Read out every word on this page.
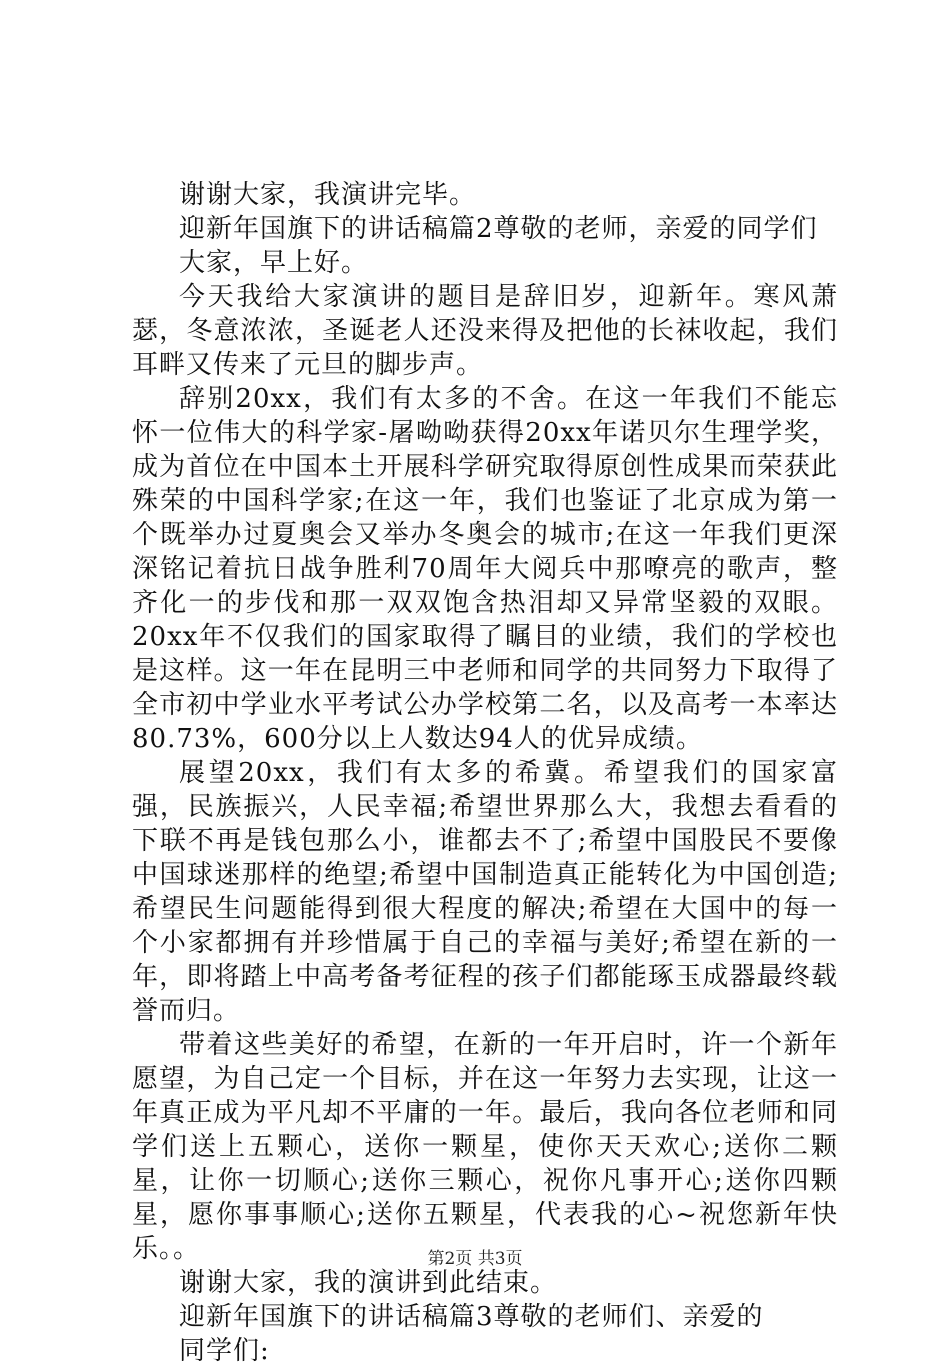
谢谢大家，我演讲完毕。

迎新年国旗下的讲话稿篇2尊敬的老师，亲爱的同学们

大家，早上好。

今天我给大家演讲的题目是辞旧岁，迎新年。寒风萧瑟，冬意浓浓，圣诞老人还没来得及把他的长袜收起，我们耳畔又传来了元旦的脚步声。

辞别20xx，我们有太多的不舍。在这一年我们不能忘怀一位伟大的科学家-屠呦呦获得20xx年诺贝尔生理学奖，成为首位在中国本土开展科学研究取得原创性成果而荣获此殊荣的中国科学家;在这一年，我们也鉴证了北京成为第一个既举办过夏奥会又举办冬奥会的城市;在这一年我们更深深铭记着抗日战争胜利70周年大阅兵中那嘹亮的歌声，整齐化一的步伐和那一双双饱含热泪却又异常坚毅的双眼。20xx年不仅我们的国家取得了瞩目的业绩，我们的学校也是这样。这一年在昆明三中老师和同学的共同努力下取得了全市初中学业水平考试公办学校第二名，以及高考一本率达80.73%，600分以上人数达94人的优异成绩。

展望20xx，我们有太多的希冀。希望我们的国家富强，民族振兴，人民幸福;希望世界那么大，我想去看看的下联不再是钱包那么小，谁都去不了;希望中国股民不要像中国球迷那样的绝望;希望中国制造真正能转化为中国创造;希望民生问题能得到很大程度的解决;希望在大国中的每一个小家都拥有并珍惜属于自己的幸福与美好;希望在新的一年，即将踏上中高考备考征程的孩子们都能琢玉成器最终载誉而归。

带着这些美好的希望，在新的一年开启时，许一个新年愿望，为自己定一个目标，并在这一年努力去实现，让这一年真正成为平凡却不平庸的一年。最后，我向各位老师和同学们送上五颗心，送你一颗星，使你天天欢心;送你二颗星，让你一切顺心;送你三颗心，祝你凡事开心;送你四颗星，愿你事事顺心;送你五颗星，代表我的心~祝您新年快乐。。

谢谢大家，我的演讲到此结束。

迎新年国旗下的讲话稿篇3尊敬的老师们、亲爱的

同学们:

第2页 共3页
